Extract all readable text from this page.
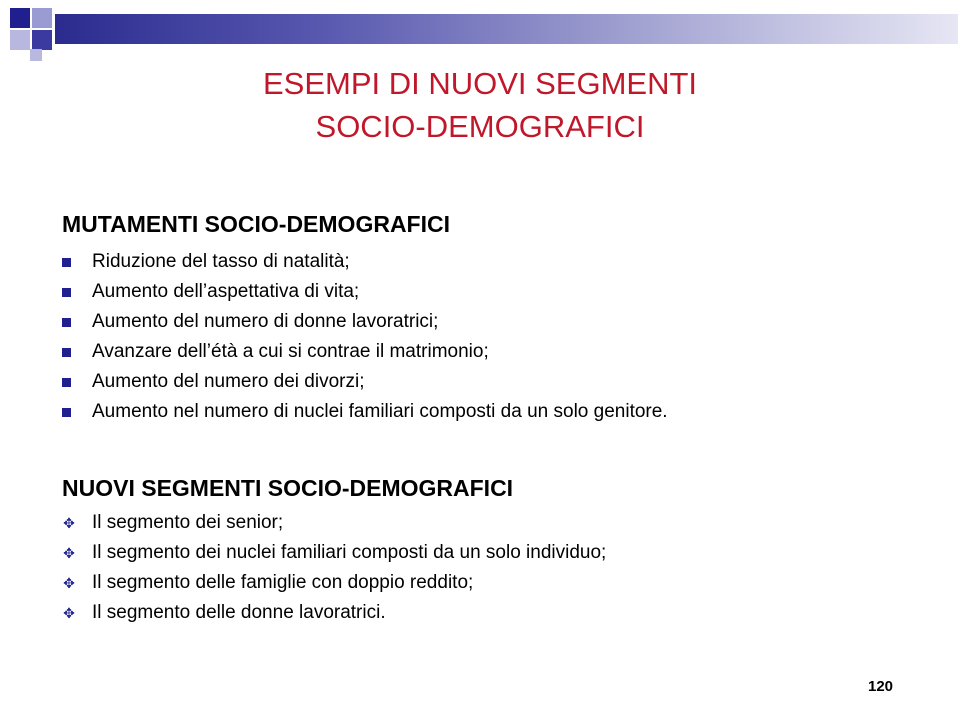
ESEMPI DI NUOVI SEGMENTI
SOCIO-DEMOGRAFICI
MUTAMENTI SOCIO-DEMOGRAFICI
Riduzione del tasso di natalità;
Aumento dell’aspettativa di vita;
Aumento del numero di donne lavoratrici;
Avanzare dell’étà a cui si contrae il matrimonio;
Aumento del numero dei divorzi;
Aumento nel numero di nuclei familiari composti da un solo genitore.
NUOVI SEGMENTI SOCIO-DEMOGRAFICI
✥ Il segmento dei senior;
✥ Il segmento dei nuclei familiari composti da un solo individuo;
✥ Il segmento delle famiglie con doppio reddito;
✥ Il segmento delle donne lavoratrici.
120
